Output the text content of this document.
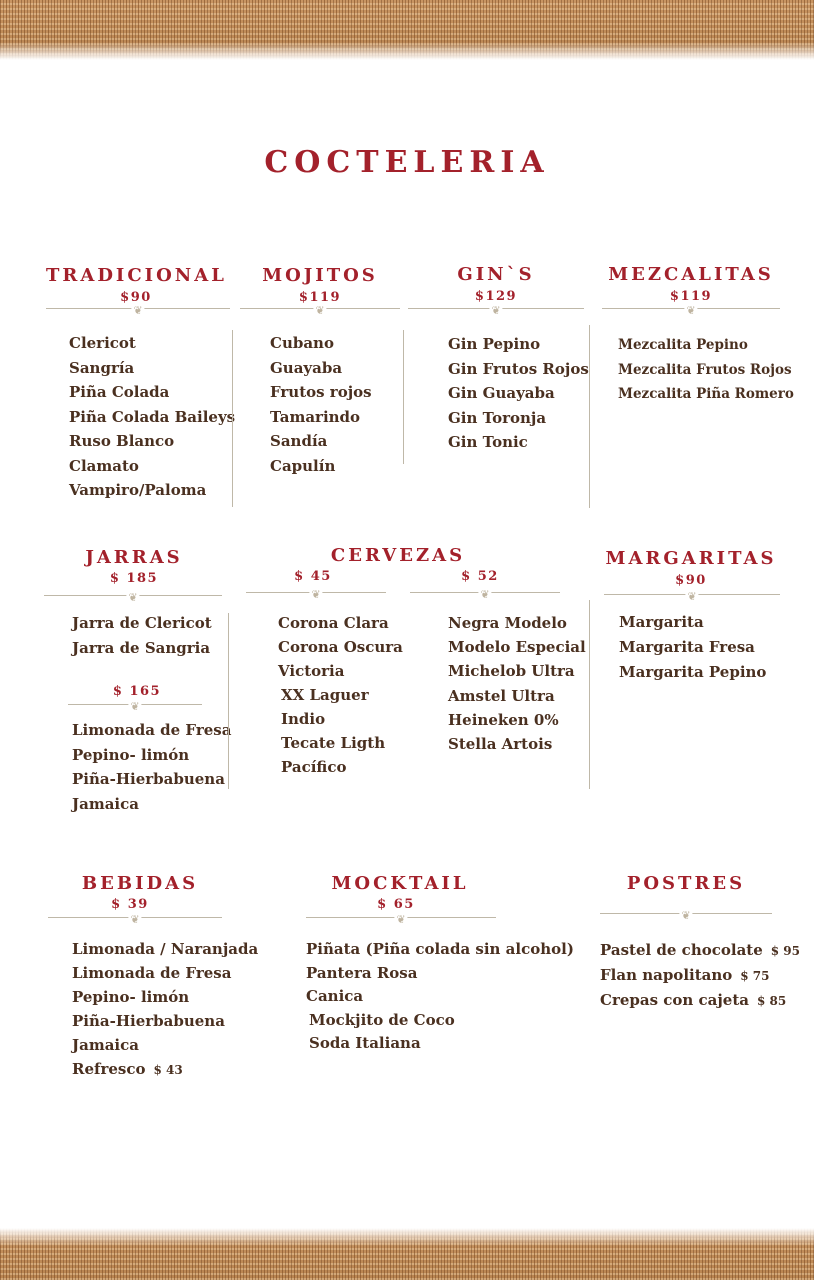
COCTELERIA
TRADICIONAL
$90
❦
Clericot
Sangría
Piña Colada
Piña Colada Baileys
Ruso Blanco
Clamato
Vampiro/Paloma
MOJITOS
$119
❦
Cubano
Guayaba
Frutos rojos
Tamarindo
Sandía
Capulín
GIN`S
$129
❦
Gin Pepino
Gin Frutos Rojos
Gin Guayaba
Gin Toronja
Gin Tonic
MEZCALITAS
$119
❦
Mezcalita Pepino
Mezcalita Frutos Rojos
Mezcalita Piña Romero
JARRAS
$ 185
❦
Jarra de Clericot
Jarra de Sangria
$ 165
❦
Limonada de Fresa
Pepino- limón
Piña-Hierbabuena
Jamaica
CERVEZAS
$ 45
❦
$ 52
❦
Corona Clara
Corona Oscura
Victoria
XX Laguer
Indio
Tecate Ligth
Pacífico
Negra Modelo
Modelo Especial
Michelob Ultra
Amstel Ultra
Heineken 0%
Stella Artois
MARGARITAS
$90
❦
Margarita
Margarita Fresa
Margarita Pepino
BEBIDAS
$ 39
❦
Limonada / Naranjada
Limonada de Fresa
Pepino- limón
Piña-Hierbabuena
Jamaica
Refresco $ 43
MOCKTAIL
$ 65
❦
Piñata (Piña colada sin alcohol)
Pantera Rosa
Canica
Mockjito de Coco
Soda Italiana
POSTRES
❦
Pastel de chocolate $ 95
Flan napolitano $ 75
Crepas con cajeta $ 85
